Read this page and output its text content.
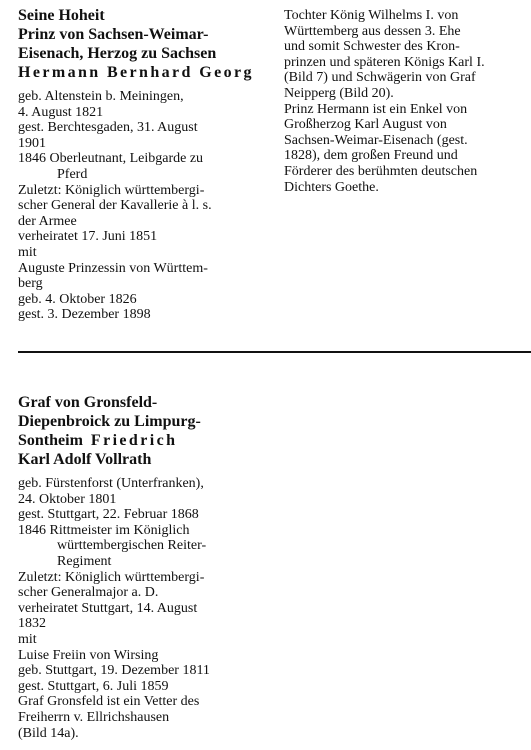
Seine Hoheit
Prinz von Sachsen-Weimar-
Eisenach, Herzog zu Sachsen
Hermann Bernhard Georg
geb. Altenstein b. Meiningen,
4. August 1821
gest. Berchtesgaden, 31. August
1901
1846 Oberleutnant, Leibgarde zu
Pferd
Zuletzt: Königlich württembergi-
scher General der Kavallerie à l. s.
der Armee
verheiratet 17. Juni 1851
mit
Auguste Prinzessin von Württem-
berg
geb. 4. Oktober 1826
gest. 3. Dezember 1898
Tochter König Wilhelms I. von
Württemberg aus dessen 3. Ehe
und somit Schwester des Kron-
prinzen und späteren Königs Karl I.
(Bild 7) und Schwägerin von Graf
Neipperg (Bild 20).
Prinz Hermann ist ein Enkel von
Großherzog Karl August von
Sachsen-Weimar-Eisenach (gest.
1828), dem großen Freund und
Förderer des berühmten deutschen
Dichters Goethe.
Graf von Gronsfeld-
Diepenbroick zu Limpurg-
Sontheim Friedrich
Karl Adolf Vollrath
geb. Fürstenforst (Unterfranken),
24. Oktober 1801
gest. Stuttgart, 22. Februar 1868
1846 Rittmeister im Königlich
württembergischen Reiter-
Regiment
Zuletzt: Königlich württembergi-
scher Generalmajor a. D.
verheiratet Stuttgart, 14. August
1832
mit
Luise Freiin von Wirsing
geb. Stuttgart, 19. Dezember 1811
gest. Stuttgart, 6. Juli 1859
Graf Gronsfeld ist ein Vetter des
Freiherrn v. Ellrichshausen
(Bild 14a).
